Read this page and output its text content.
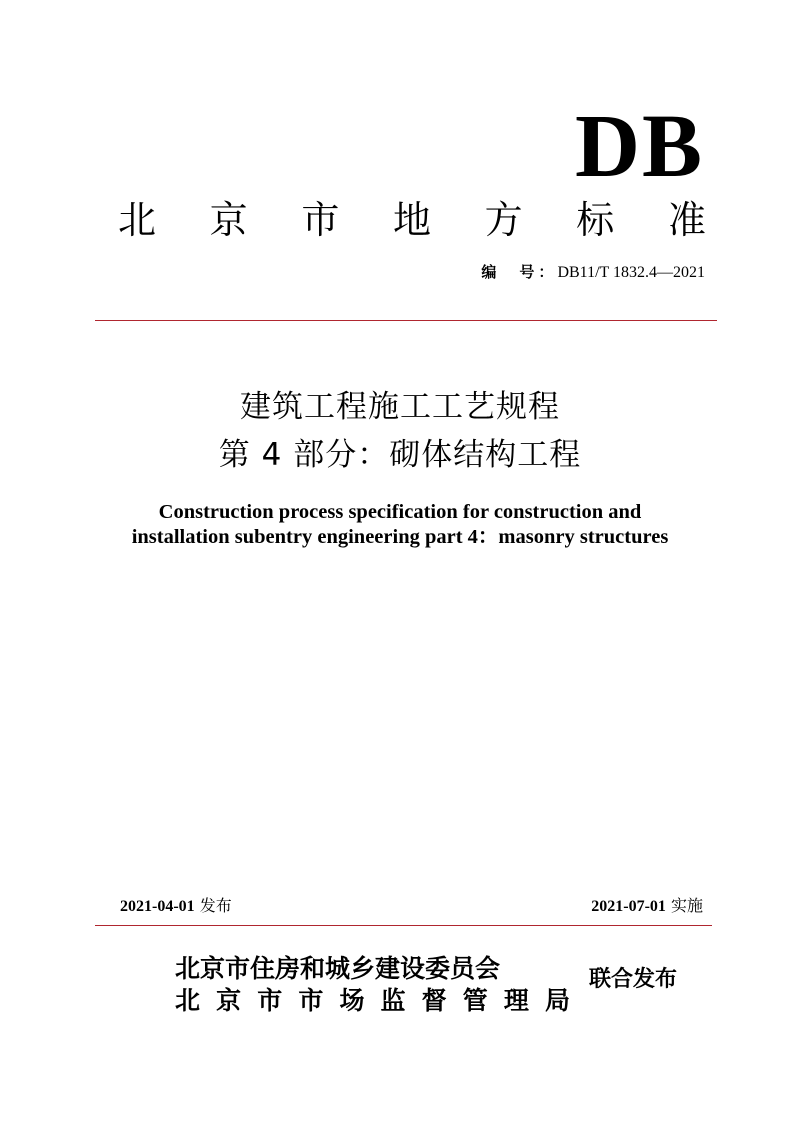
DB
北 京 市 地 方 标 准
编　号：DB11/T 1832.4—2021
建筑工程施工工艺规程
第 4 部分：砌体结构工程
Construction process specification for construction and
installation subentry engineering part 4：masonry structures
2021-04-01 发布	2021-07-01 实施
北京市住房和城乡建设委员会
北 京 市 市 场 监 督 管 理 局
联合发布
